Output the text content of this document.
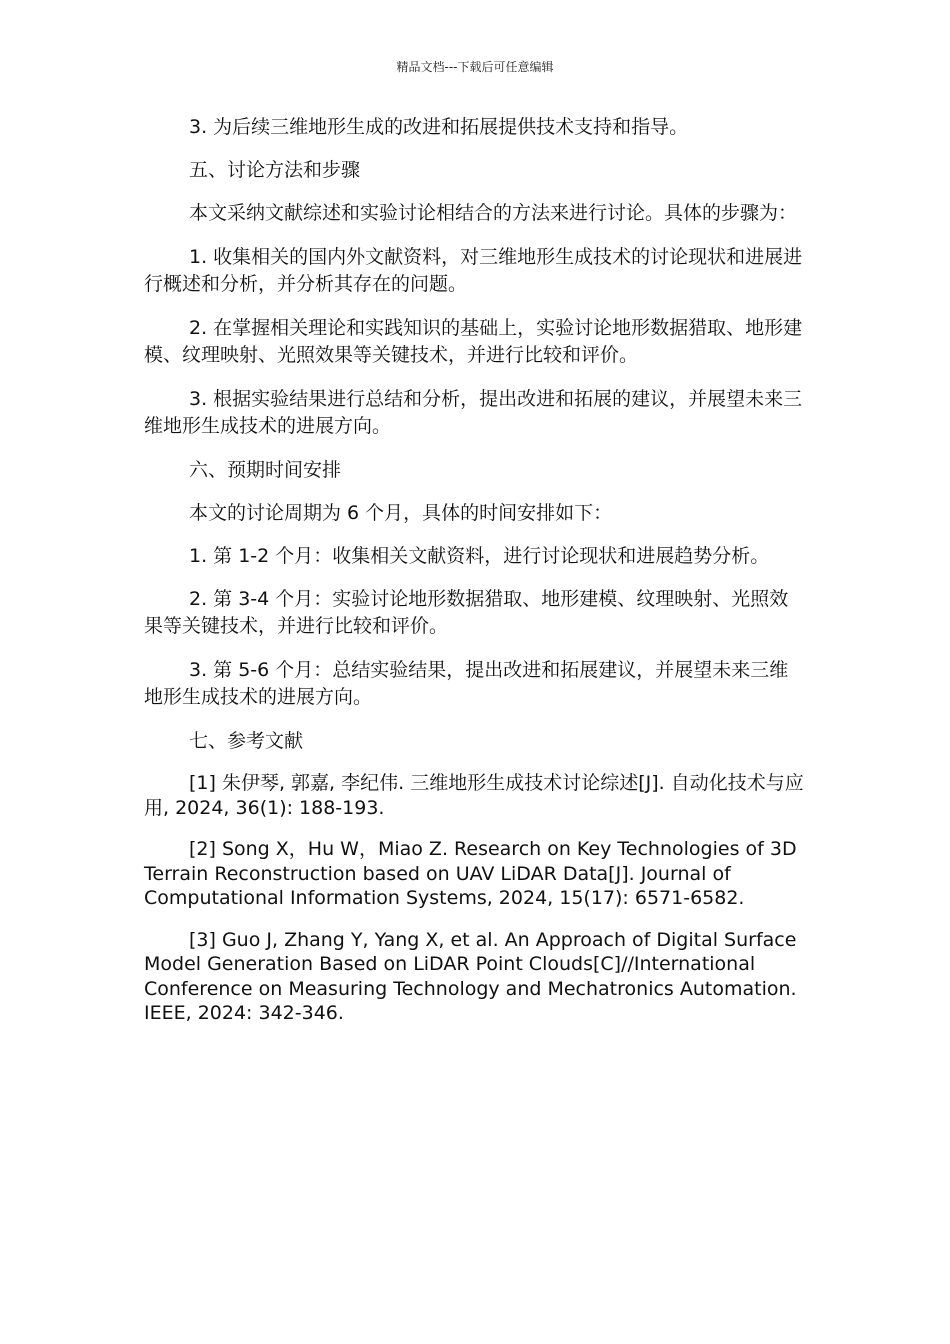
精品文档---下载后可任意编辑

3. 为后续三维地形生成的改进和拓展提供技术支持和指导。

五、讨论方法和步骤

本文采纳文献综述和实验讨论相结合的方法来进行讨论。具体的步骤为：

1. 收集相关的国内外文献资料，对三维地形生成技术的讨论现状和进展进行概述和分析，并分析其存在的问题。

2. 在掌握相关理论和实践知识的基础上，实验讨论地形数据猎取、地形建模、纹理映射、光照效果等关键技术，并进行比较和评价。

3. 根据实验结果进行总结和分析，提出改进和拓展的建议，并展望未来三维地形生成技术的进展方向。

六、预期时间安排

本文的讨论周期为 6 个月，具体的时间安排如下：

1. 第 1-2 个月：收集相关文献资料，进行讨论现状和进展趋势分析。

2. 第 3-4 个月：实验讨论地形数据猎取、地形建模、纹理映射、光照效果等关键技术，并进行比较和评价。

3. 第 5-6 个月：总结实验结果，提出改进和拓展建议，并展望未来三维地形生成技术的进展方向。

七、参考文献

[1] 朱伊琴, 郭嘉, 李纪伟. 三维地形生成技术讨论综述[J]. 自动化技术与应用, 2024, 36(1): 188-193.

[2] Song X，Hu W，Miao Z. Research on Key Technologies of 3D Terrain Reconstruction based on UAV LiDAR Data[J]. Journal of Computational Information Systems, 2024, 15(17): 6571-6582.

[3] Guo J, Zhang Y, Yang X, et al. An Approach of Digital Surface Model Generation Based on LiDAR Point Clouds[C]//International Conference on Measuring Technology and Mechatronics Automation. IEEE, 2024: 342-346.
